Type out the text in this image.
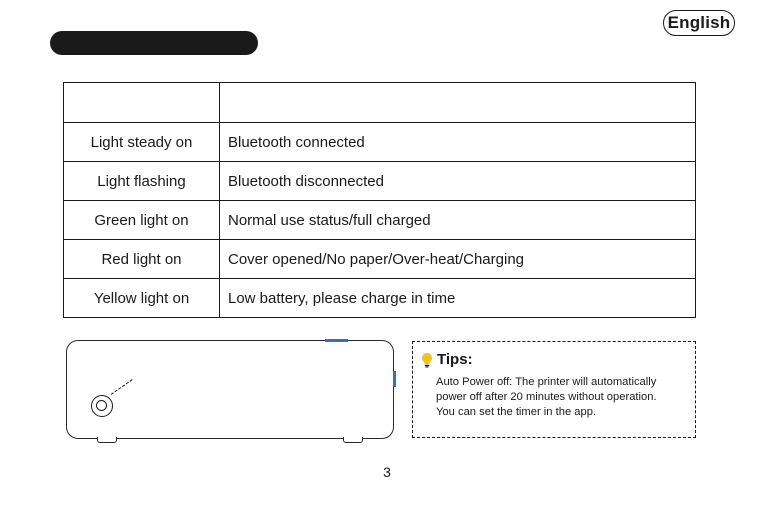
English

Light steady on	Bluetooth connected
Light flashing	Bluetooth disconnected
Green light on	Normal use status/full charged
Red light on	Cover opened/No paper/Over-heat/Charging
Yellow light on	Low battery, please charge in time
Tips:
Auto Power off: The printer will automatically
power off after 20 minutes without operation.
You can set the timer in the app.
3
